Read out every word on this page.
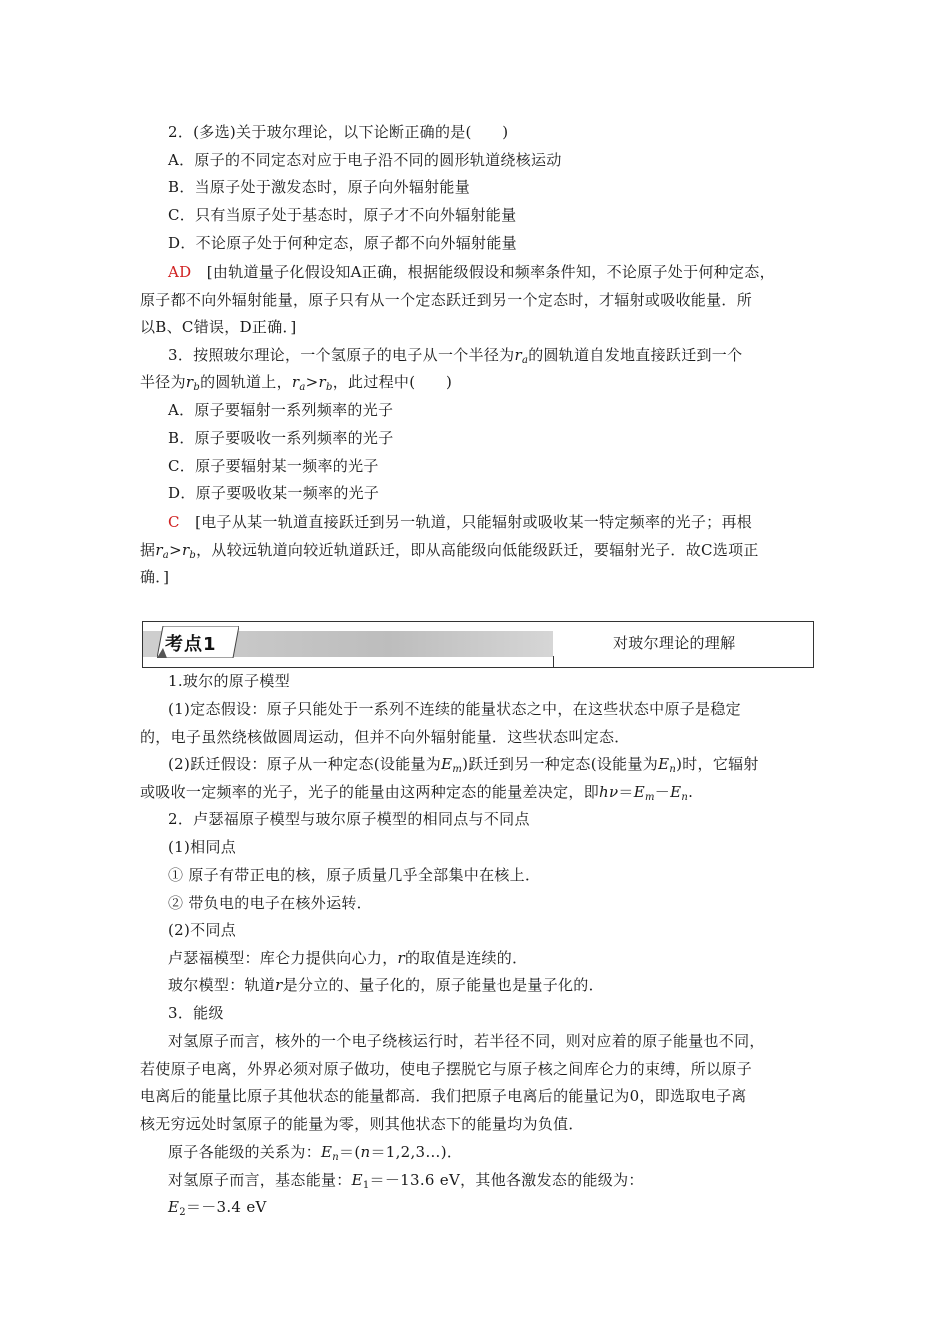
2．(多选)关于玻尔理论，以下论断正确的是(　　)
A．原子的不同定态对应于电子沿不同的圆形轨道绕核运动
B．当原子处于激发态时，原子向外辐射能量
C．只有当原子处于基态时，原子才不向外辐射能量
D．不论原子处于何种定态，原子都不向外辐射能量
AD　 [由轨道量子化假设知A正确，根据能级假设和频率条件知，不论原子处于何种定态，
原子都不向外辐射能量，原子只有从一个定态跃迁到另一个定态时，才辐射或吸收能量．所
以B、C错误，D正确．]
3．按照玻尔理论，一个氢原子的电子从一个半径为$r_a$的圆轨道自发地直接跃迁到一个
半径为$r_b$的圆轨道上，$r_a>r_b$，此过程中(　　)
A．原子要辐射一系列频率的光子
B．原子要吸收一系列频率的光子
C．原子要辐射某一频率的光子
D．原子要吸收某一频率的光子
C　 [电子从某一轨道直接跃迁到另一轨道，只能辐射或吸收某一特定频率的光子；再根
据$r_a>r_b$，从较远轨道向较近轨道跃迁，即从高能级向低能级跃迁，要辐射光子．故C选项正
确．]
考点1	对玻尔理论的理解
1.玻尔的原子模型
(1)定态假设：原子只能处于一系列不连续的能量状态之中，在这些状态中原子是稳定
的，电子虽然绕核做圆周运动，但并不向外辐射能量．这些状态叫定态．
(2)跃迁假设：原子从一种定态(设能量为$E_m$)跃迁到另一种定态(设能量为$E_n$)时，它辐射
或吸收一定频率的光子，光子的能量由这两种定态的能量差决定，即$h\nu=E_m-E_n$.
2．卢瑟福原子模型与玻尔原子模型的相同点与不同点
(1)相同点
① 原子有带正电的核，原子质量几乎全部集中在核上．
② 带负电的电子在核外运转．
(2)不同点
卢瑟福模型：库仑力提供向心力，r的取值是连续的．
玻尔模型：轨道r是分立的、量子化的，原子能量也是量子化的．
3．能级
对氢原子而言，核外的一个电子绕核运行时，若半径不同，则对应着的原子能量也不同，
若使原子电离，外界必须对原子做功，使电子摆脱它与原子核之间库仑力的束缚，所以原子
电离后的能量比原子其他状态的能量都高．我们把原子电离后的能量记为0，即选取电子离
核无穷远处时氢原子的能量为零，则其他状态下的能量均为负值．
原子各能级的关系为：$E_n=(n=1,2,3\dots)$．
对氢原子而言，基态能量：$E_1=-13.6$ eV，其他各激发态的能级为：
$E_2=-3.4$ eV
